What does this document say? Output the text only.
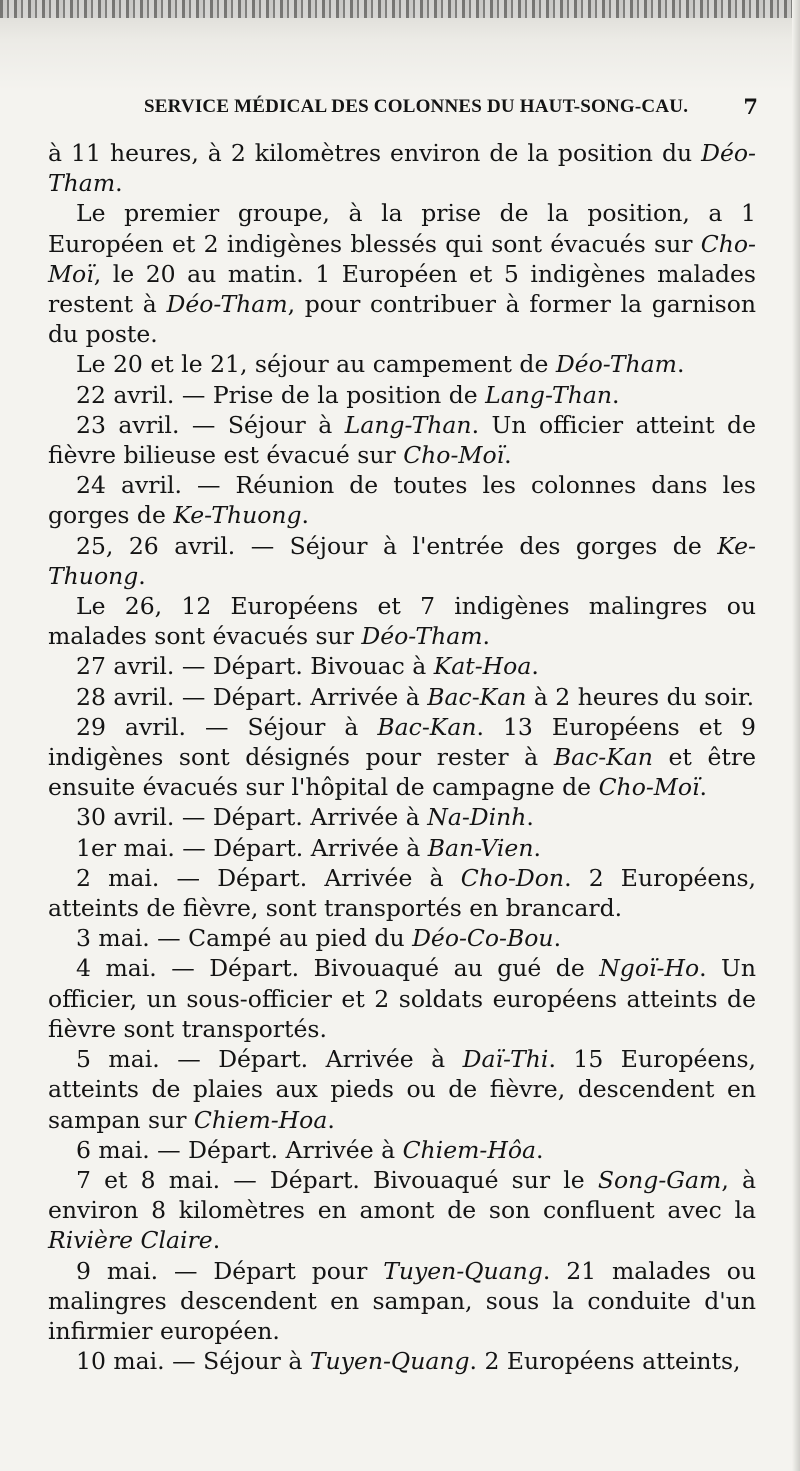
SERVICE MÉDICAL DES COLONNES DU HAUT-SONG-CAU.	7

à 11 heures, à 2 kilomètres environ de la position du Déo-Tham.

Le premier groupe, à la prise de la position, a 1 Européen et 2 indigènes blessés qui sont évacués sur Cho-Moï, le 20 au matin. 1 Européen et 5 indigènes malades restent à Déo-Tham, pour contribuer à former la garnison du poste.

Le 20 et le 21, séjour au campement de Déo-Tham.

22 avril. — Prise de la position de Lang-Than.

23 avril. — Séjour à Lang-Than. Un officier atteint de fièvre bilieuse est évacué sur Cho-Moï.

24 avril. — Réunion de toutes les colonnes dans les gorges de Ke-Thuong.

25, 26 avril. — Séjour à l'entrée des gorges de Ke-Thuong.

Le 26, 12 Européens et 7 indigènes malingres ou malades sont évacués sur Déo-Tham.

27 avril. — Départ. Bivouac à Kat-Hoa.

28 avril. — Départ. Arrivée à Bac-Kan à 2 heures du soir.

29 avril. — Séjour à Bac-Kan. 13 Européens et 9 indigènes sont désignés pour rester à Bac-Kan et être ensuite évacués sur l'hôpital de campagne de Cho-Moï.

30 avril. — Départ. Arrivée à Na-Dinh.

1er mai. — Départ. Arrivée à Ban-Vien.

2 mai. — Départ. Arrivée à Cho-Don. 2 Européens, atteints de fièvre, sont transportés en brancard.

3 mai. — Campé au pied du Déo-Co-Bou.

4 mai. — Départ. Bivouaqué au gué de Ngoï-Ho. Un officier, un sous-officier et 2 soldats européens atteints de fièvre sont transportés.

5 mai. — Départ. Arrivée à Daï-Thi. 15 Européens, atteints de plaies aux pieds ou de fièvre, descendent en sampan sur Chiem-Hoa.

6 mai. — Départ. Arrivée à Chiem-Hôa.

7 et 8 mai. — Départ. Bivouaqué sur le Song-Gam, à environ 8 kilomètres en amont de son confluent avec la Rivière Claire.

9 mai. — Départ pour Tuyen-Quang. 21 malades ou malingres descendent en sampan, sous la conduite d'un infirmier européen.

10 mai. — Séjour à Tuyen-Quang. 2 Européens atteints,
